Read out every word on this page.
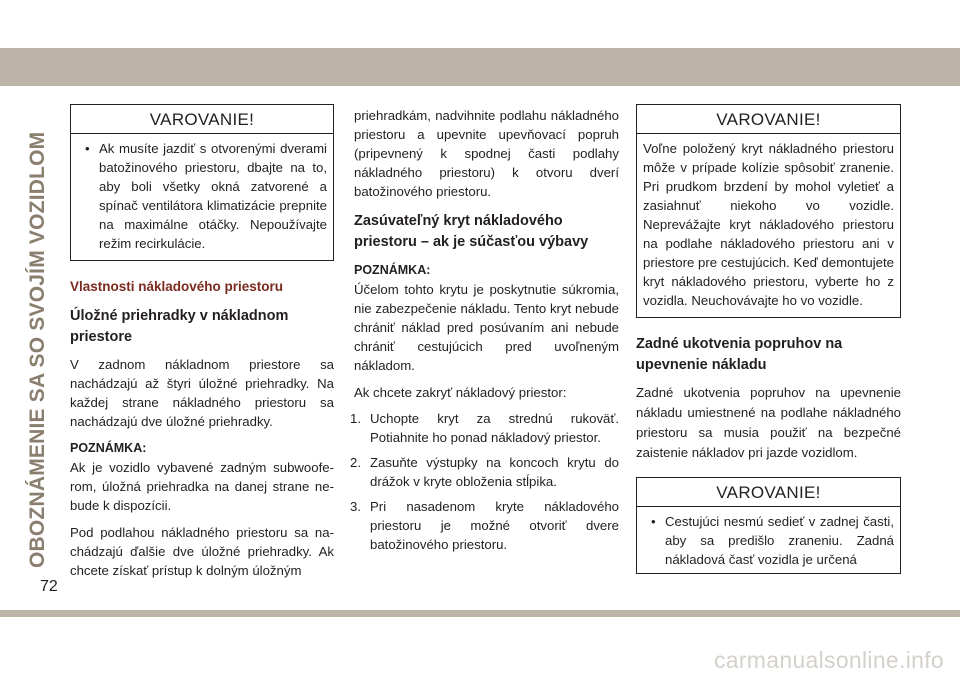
OBOZNÁMENIE SA SO SVOJÍM VOZIDLOM
VAROVANIE!
• Ak musíte jazdiť s otvorenými dverami batožinového priestoru, dbajte na to, aby boli všetky okná zatvorené a spínač ventilátora klimatizácie prepnite na maximálne otáčky. Nepoužívajte režim recirkulácie.

Vlastnosti nákladového priestoru

Úložné priehradky v nákladnom priestore

V zadnom nákladnom priestore sa nachádzajú až štyri úložné priehradky. Na každej strane nákladného priestoru sa nachádzajú dve úložné priehradky.

POZNÁMKA:

Ak je vozidlo vybavené zadným subwooferom, úložná priehradka na danej strane nebude k dispozícii.

Pod podlahou nákladného priestoru sa nachádzajú ďalšie dve úložné priehradky. Ak chcete získať prístup k dolným úložným

priehradkám, nadvihnite podlahu nákladného priestoru a upevnite upevňovací popruh (pripevnený k spodnej časti podlahy nákladného priestoru) k otvoru dverí batožinového priestoru.

Zasúvateľný kryt nákladového priestoru – ak je súčasťou výbavy

POZNÁMKA:

Účelom tohto krytu je poskytnutie súkromia, nie zabezpečenie nákladu. Tento kryt nebude chrániť náklad pred posúvaním ani nebude chrániť cestujúcich pred uvoľneným nákladom.

Ak chcete zakryť nákladový priestor:

1. Uchopte kryt za strednú rukoväť. Potiahnite ho ponad nákladový priestor.
2. Zasuňte výstupky na koncoch krytu do drážok v kryte obloženia stĺpika.
3. Pri nasadenom kryte nákladového priestoru je možné otvoriť dvere batožinového priestoru.
VAROVANIE!

Voľne položený kryt nákladného priestoru môže v prípade kolízie spôsobiť zranenie. Pri prudkom brzdení by mohol vyletieť a zasiahnuť niekoho vo vozidle. Neprevážajte kryt nákladového priestoru na podlahe nákladového priestoru ani v priestore pre cestujúcich. Keď demontujete kryt nákladového priestoru, vyberte ho z vozidla. Neuchovávajte ho vo vozidle.

Zadné ukotvenia popruhov na upevnenie nákladu

Zadné ukotvenia popruhov na upevnenie nákladu umiestnené na podlahe nákladného priestoru sa musia použiť na bezpečné zaistenie nákladov pri jazde vozidlom.

VAROVANIE!
• Cestujúci nesmú sedieť v zadnej časti, aby sa predišlo zraneniu. Zadná nákladová časť vozidla je určená
72
carmanualsonline.info
